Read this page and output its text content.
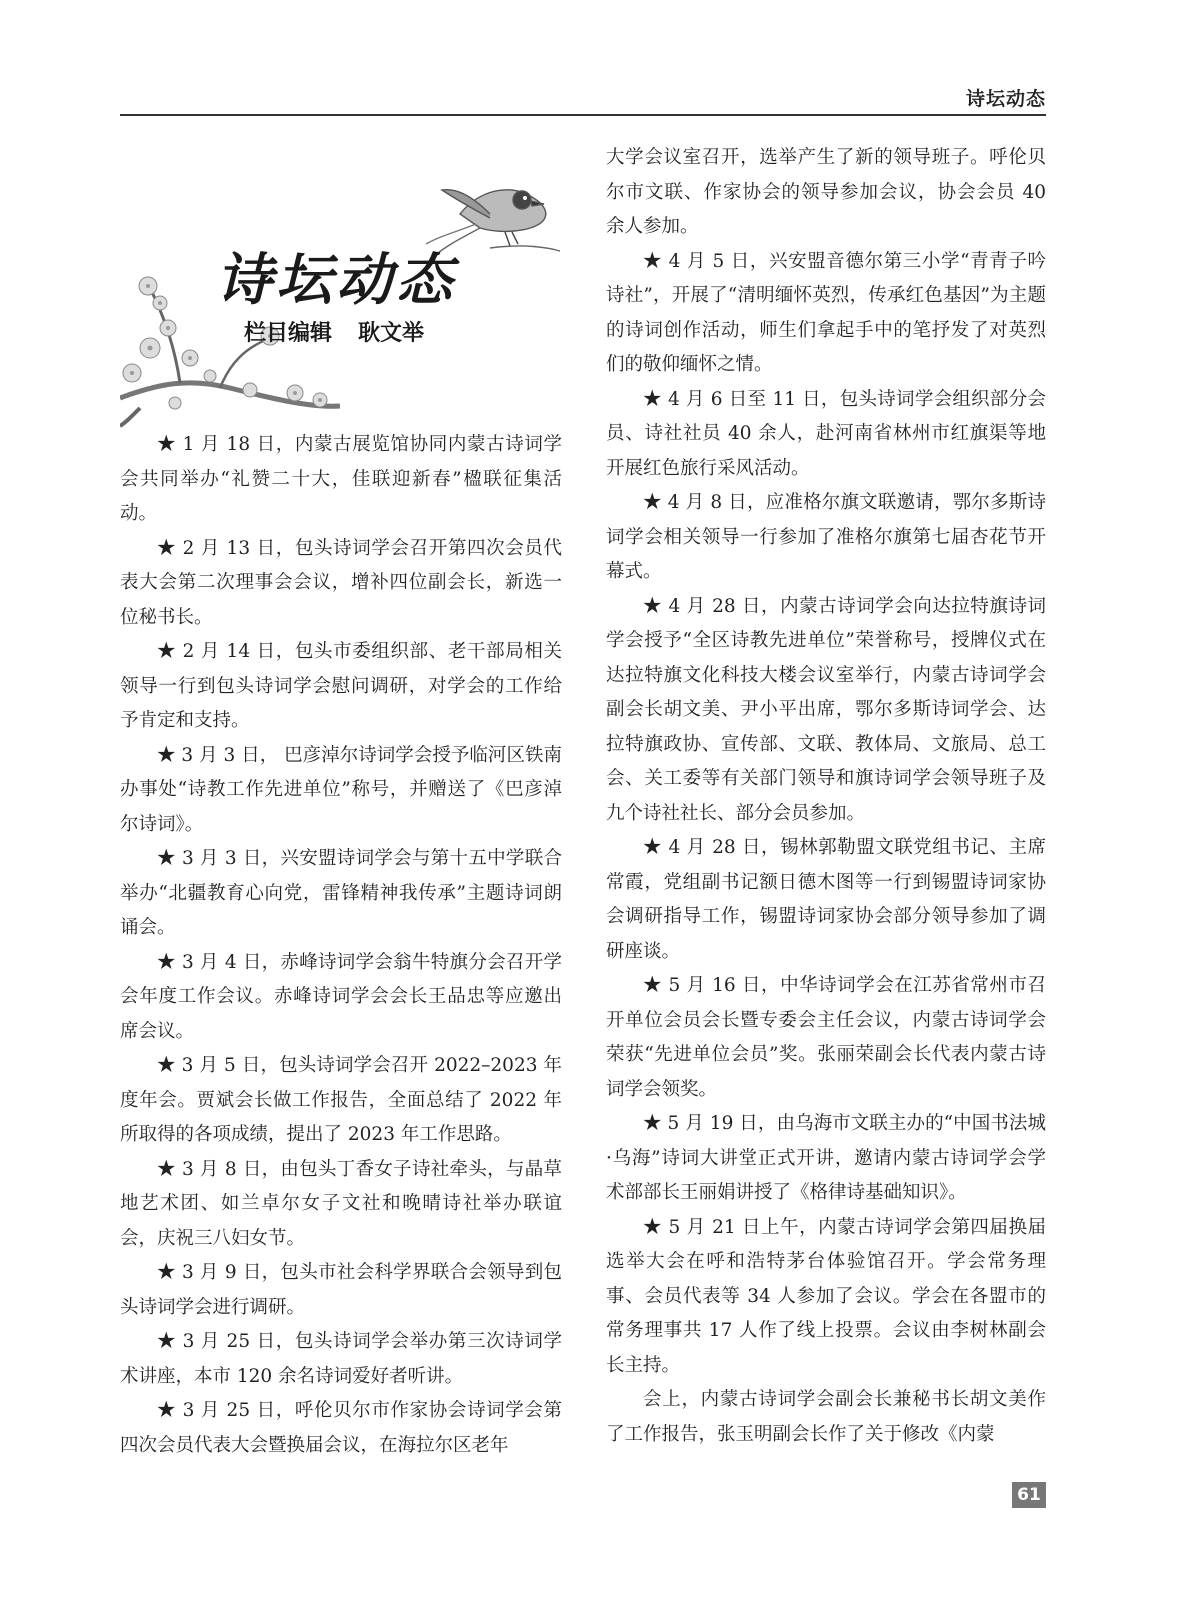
诗坛动态
诗坛动态
栏目编辑 耿文举

★ 1 月 18 日，内蒙古展览馆协同内蒙古诗词学会共同举办“礼赞二十大，佳联迎新春”楹联征集活动。

★ 2 月 13 日，包头诗词学会召开第四次会员代表大会第二次理事会会议，增补四位副会长，新选一位秘书长。

★ 2 月 14 日，包头市委组织部、老干部局相关领导一行到包头诗词学会慰问调研，对学会的工作给予肯定和支持。

★ 3 月 3 日， 巴彦淖尔诗词学会授予临河区铁南办事处“诗教工作先进单位”称号，并赠送了《巴彦淖尔诗词》。

★ 3 月 3 日，兴安盟诗词学会与第十五中学联合举办“北疆教育心向党，雷锋精神我传承”主题诗词朗诵会。

★ 3 月 4 日，赤峰诗词学会翁牛特旗分会召开学会年度工作会议。赤峰诗词学会会长王品忠等应邀出席会议。

★ 3 月 5 日，包头诗词学会召开 2022–2023 年度年会。贾斌会长做工作报告，全面总结了 2022 年所取得的各项成绩，提出了 2023 年工作思路。

★ 3 月 8 日，由包头丁香女子诗社牵头，与晶草地艺术团、如兰卓尔女子文社和晚晴诗社举办联谊会，庆祝三八妇女节。

★ 3 月 9 日，包头市社会科学界联合会领导到包头诗词学会进行调研。

★ 3 月 25 日，包头诗词学会举办第三次诗词学术讲座，本市 120 余名诗词爱好者听讲。

★ 3 月 25 日，呼伦贝尔市作家协会诗词学会第四次会员代表大会暨换届会议，在海拉尔区老年

大学会议室召开，选举产生了新的领导班子。呼伦贝尔市文联、作家协会的领导参加会议，协会会员 40 余人参加。

★ 4 月 5 日，兴安盟音德尔第三小学“青青子吟诗社”，开展了“清明缅怀英烈，传承红色基因”为主题的诗词创作活动，师生们拿起手中的笔抒发了对英烈们的敬仰缅怀之情。

★ 4 月 6 日至 11 日，包头诗词学会组织部分会员、诗社社员 40 余人，赴河南省林州市红旗渠等地开展红色旅行采风活动。

★ 4 月 8 日，应准格尔旗文联邀请，鄂尔多斯诗词学会相关领导一行参加了准格尔旗第七届杏花节开幕式。

★ 4 月 28 日，内蒙古诗词学会向达拉特旗诗词学会授予“全区诗教先进单位”荣誉称号，授牌仪式在达拉特旗文化科技大楼会议室举行，内蒙古诗词学会副会长胡文美、尹小平出席，鄂尔多斯诗词学会、达拉特旗政协、宣传部、文联、教体局、文旅局、总工会、关工委等有关部门领导和旗诗词学会领导班子及九个诗社社长、部分会员参加。

★ 4 月 28 日，锡林郭勒盟文联党组书记、主席常霞，党组副书记额日德木图等一行到锡盟诗词家协会调研指导工作，锡盟诗词家协会部分领导参加了调研座谈。

★ 5 月 16 日，中华诗词学会在江苏省常州市召开单位会员会长暨专委会主任会议，内蒙古诗词学会荣获“先进单位会员”奖。张丽荣副会长代表内蒙古诗词学会领奖。

★ 5 月 19 日，由乌海市文联主办的“中国书法城·乌海”诗词大讲堂正式开讲，邀请内蒙古诗词学会学术部部长王丽娟讲授了《格律诗基础知识》。

★ 5 月 21 日上午，内蒙古诗词学会第四届换届选举大会在呼和浩特茅台体验馆召开。学会常务理事、会员代表等 34 人参加了会议。学会在各盟市的常务理事共 17 人作了线上投票。会议由李树林副会长主持。

会上，内蒙古诗词学会副会长兼秘书长胡文美作了工作报告，张玉明副会长作了关于修改《内蒙

61
